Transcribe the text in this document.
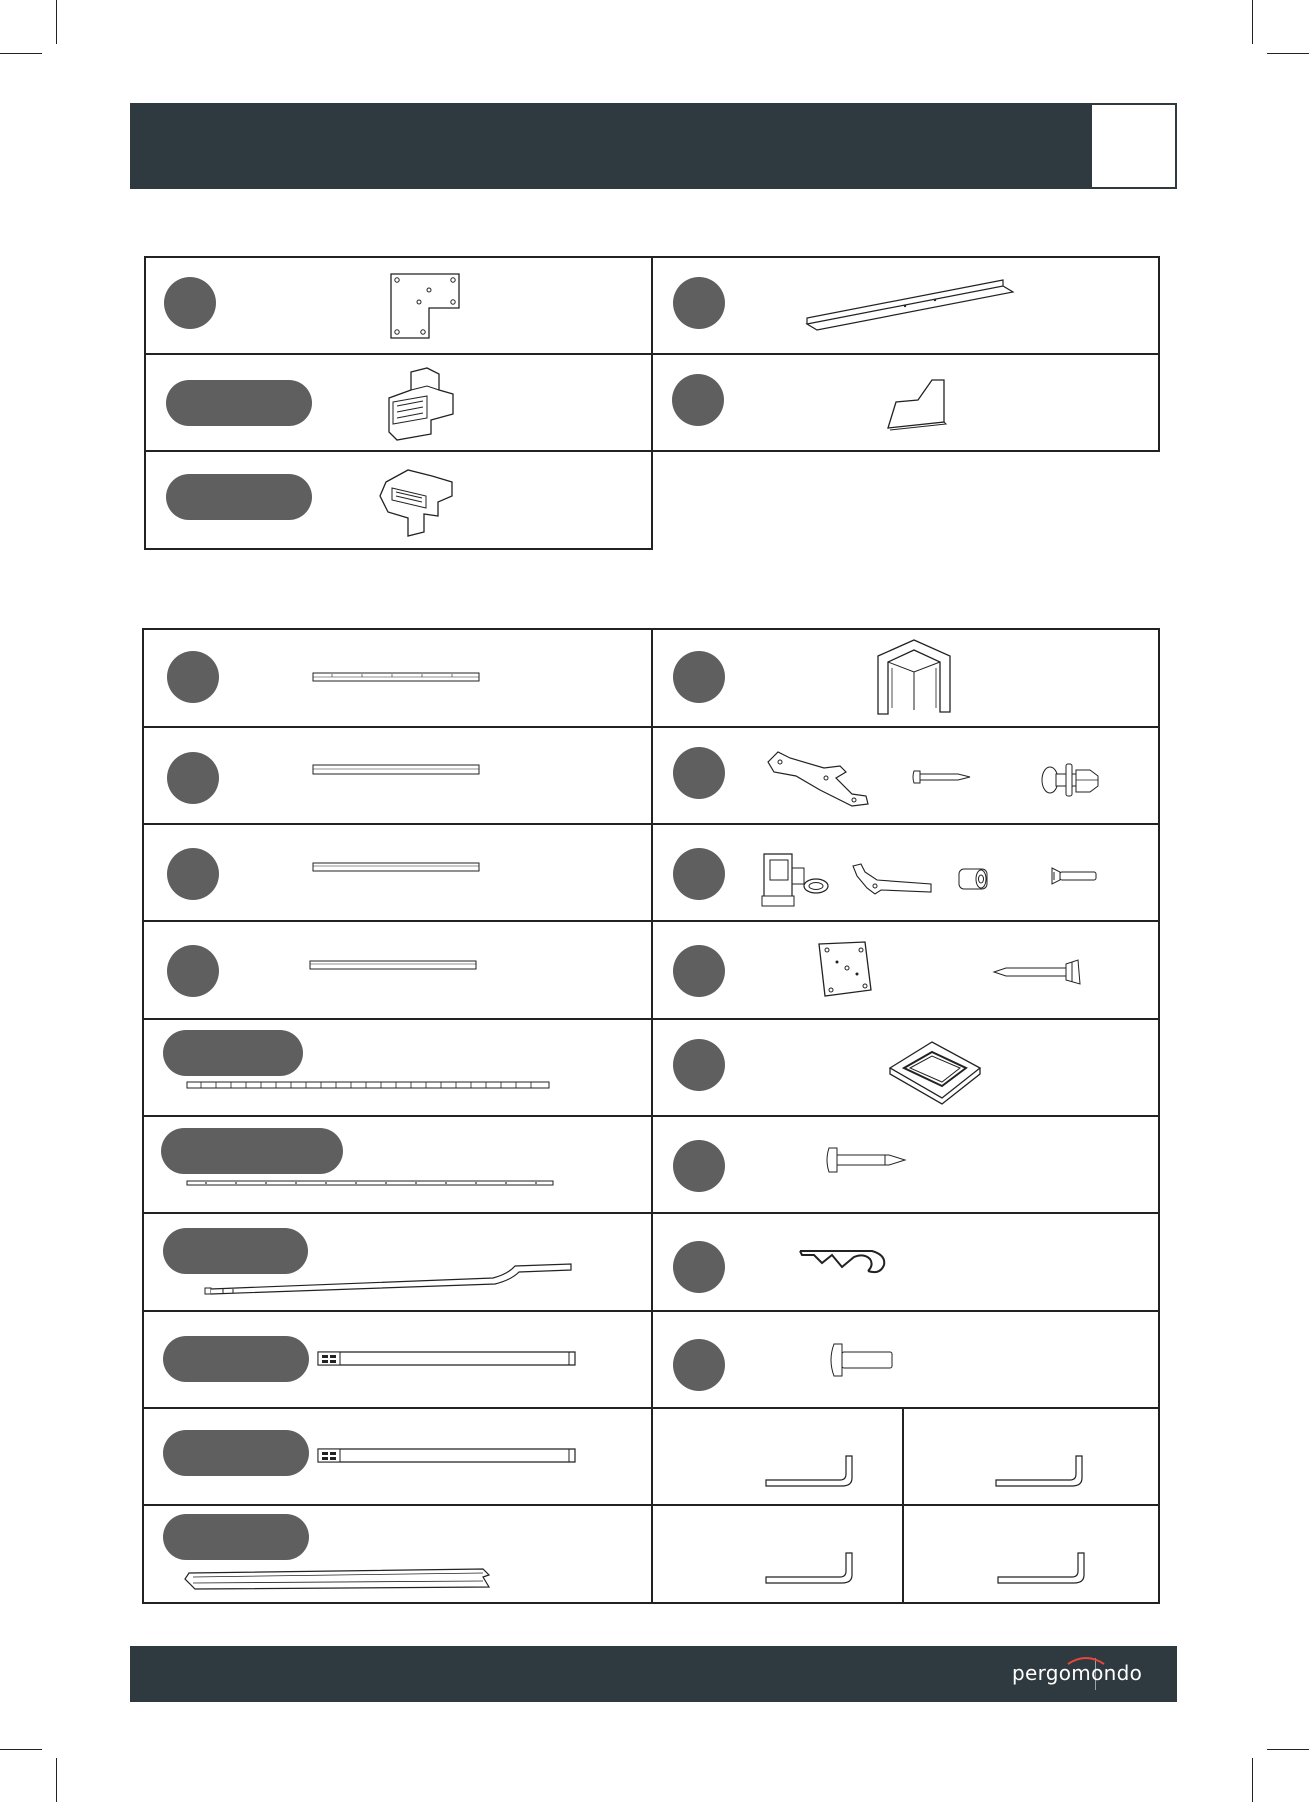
pergomondo
